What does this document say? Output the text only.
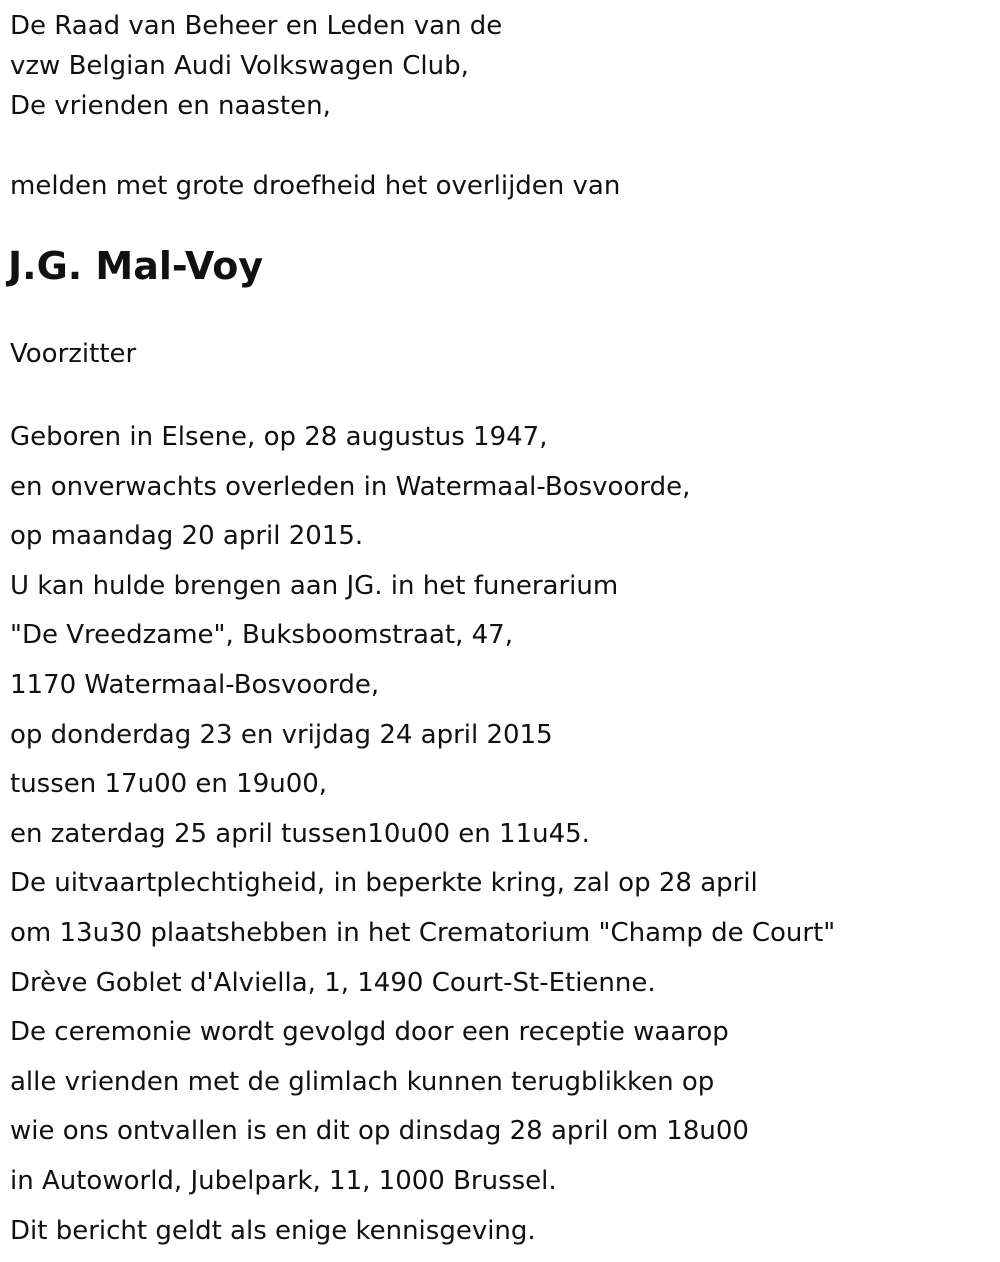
De Raad van Beheer en Leden van de
vzw Belgian Audi Volkswagen Club,
De vrienden en naasten,
melden met grote droefheid het overlijden van
J.G. Mal-Voy
Voorzitter
Geboren in Elsene, op 28 augustus 1947,
en onverwachts overleden in Watermaal-Bosvoorde,
op maandag 20 april 2015.
U kan hulde brengen aan JG. in het funerarium
"De Vreedzame", Buksboomstraat, 47,
1170 Watermaal-Bosvoorde,
op donderdag 23 en vrijdag 24 april 2015
tussen 17u00 en 19u00,
en zaterdag 25 april tussen10u00 en 11u45.
De uitvaartplechtigheid, in beperkte kring, zal op 28 april
om 13u30 plaatshebben in het Crematorium "Champ de Court"
Drève Goblet d'Alviella, 1, 1490 Court-St-Etienne.
De ceremonie wordt gevolgd door een receptie waarop
alle vrienden met de glimlach kunnen terugblikken op
wie ons ontvallen is en dit op dinsdag 28 april om 18u00
in Autoworld, Jubelpark, 11, 1000 Brussel.
Dit bericht geldt als enige kennisgeving.
